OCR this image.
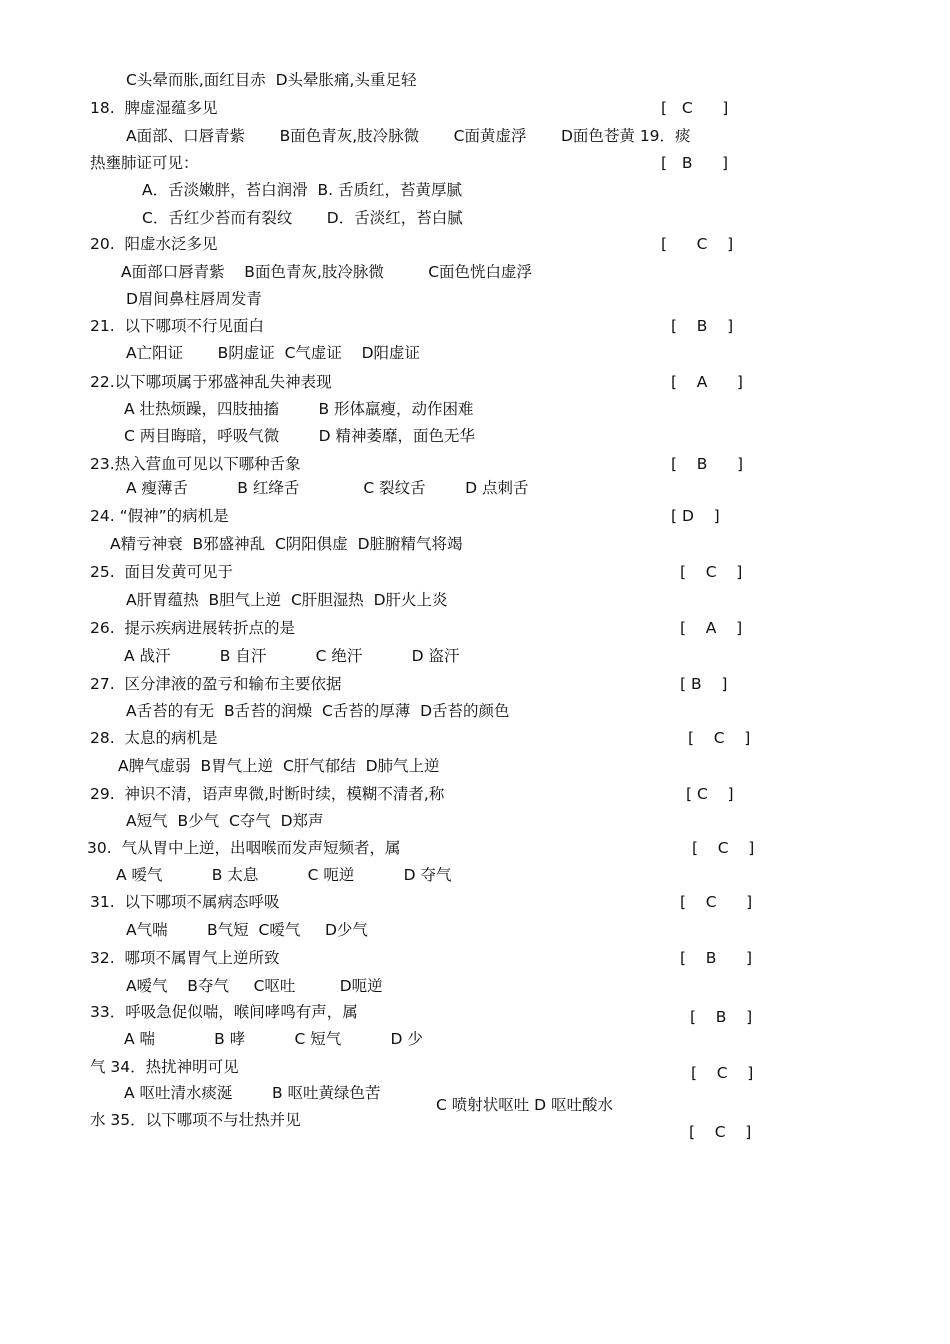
C头晕而胀,面红目赤  D头晕胀痛,头重足轻
18.  脾虚湿蕴多见	[   C      ]
A面部、口唇青紫       B面色青灰,肢冷脉微       C面黄虚浮       D面色苍黄 19．痰
热壅肺证可见：	[   B      ]
A．舌淡嫩胖，苔白润滑  B. 舌质红，苔黄厚腻
C．舌红少苔而有裂纹       D．舌淡红，苔白腻
20.  阳虚水泛多见	[      C    ]
A面部口唇青紫    B面色青灰,肢冷脉微         C面色恍白虚浮
D眉间鼻柱唇周发青
21.  以下哪项不行见面白	[    B    ]
A亡阳证       B阴虚证  C气虚证    D阳虚证
22.以下哪项属于邪盛神乱失神表现	[    A      ]
A 壮热烦躁，四肢抽搐        B 形体羸瘦，动作困难
C 两目晦暗，呼吸气微        D 精神萎靡，面色无华
23.热入营血可见以下哪种舌象	[    B      ]
A 瘦薄舌          B 红绛舌             C 裂纹舌        D 点刺舌
24. “假神”的病机是	[ D    ]
A精亏神衰  B邪盛神乱  C阴阳俱虚  D脏腑精气将竭
25.  面目发黄可见于	[    C    ]
A肝胃蕴热  B胆气上逆  C肝胆湿热  D肝火上炎
26.  提示疾病进展转折点的是	[    A    ]
A 战汗          B 自汗          C 绝汗          D 盗汗
27.  区分津液的盈亏和输布主要依据	[ B    ]
A舌苔的有无  B舌苔的润燥  C舌苔的厚薄  D舌苔的颜色
28.  太息的病机是	[    C    ]
A脾气虚弱  B胃气上逆  C肝气郁结  D肺气上逆
29.  神识不清，语声卑微,时断时续，模糊不清者,称	[ C    ]
A短气  B少气  C夺气  D郑声
30.  气从胃中上逆，出咽喉而发声短频者，属	[    C    ]
A 嗳气          B 太息          C 呃逆          D 夺气
31.  以下哪项不属病态呼吸	[    C      ]
A气喘        B气短  C嗳气     D少气
32.  哪项不属胃气上逆所致	[    B      ]
A嗳气    B夺气     C呕吐         D呃逆
33．呼吸急促似喘，喉间哮鸣有声，属	[    B    ]
A 喘            B 哮          C 短气          D 少
气 34．热扰神明可见	[    C    ]
A 呕吐清水痰涎        B 呕吐黄绿色苦
C 喷射状呕吐 D 呕吐酸水
水 35．以下哪项不与壮热并见
[    C    ]
